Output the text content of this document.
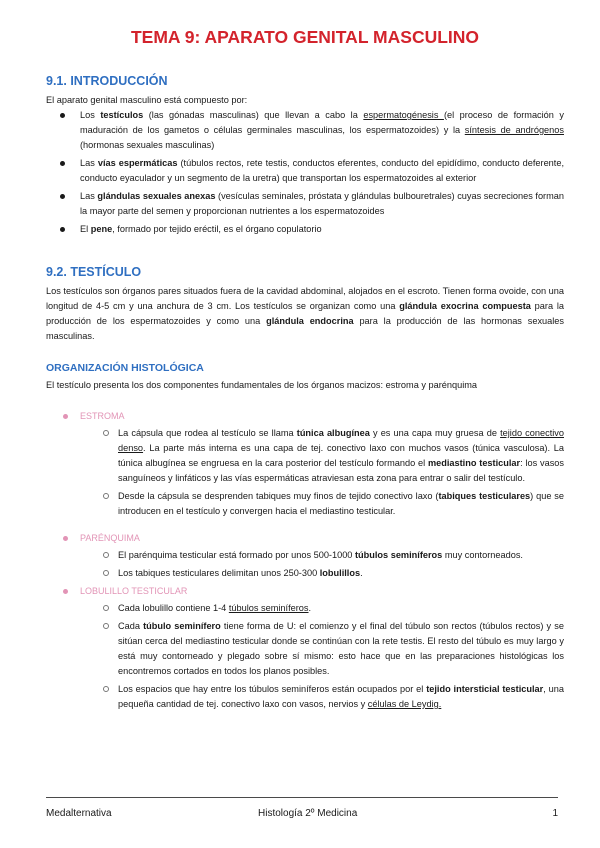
TEMA 9: APARATO GENITAL MASCULINO
9.1. INTRODUCCIÓN

El aparato genital masculino está compuesto por:

Los testículos (las gónadas masculinas) que llevan a cabo la espermatogénesis (el proceso de formación y maduración de los gametos o células germinales masculinas, los espermatozoides) y la síntesis de andrógenos (hormonas sexuales masculinas)
Las vías espermáticas (túbulos rectos, rete testis, conductos eferentes, conducto del epidídimo, conducto deferente, conducto eyaculador y un segmento de la uretra) que transportan los espermatozoides al exterior
Las glándulas sexuales anexas (vesículas seminales, próstata y glándulas bulbouretrales) cuyas secreciones forman la mayor parte del semen y proporcionan nutrientes a los espermatozoides
El pene, formado por tejido eréctil, es el órgano copulatorio
9.2. TESTÍCULO

Los testículos son órganos pares situados fuera de la cavidad abdominal, alojados en el escroto. Tienen forma ovoide, con una longitud de 4-5 cm y una anchura de 3 cm. Los testículos se organizan como una glándula exocrina compuesta para la producción de los espermatozoides y como una glándula endocrina para la producción de las hormonas sexuales masculinas.

ORGANIZACIÓN HISTOLÓGICA

El testículo presenta los dos componentes fundamentales de los órganos macizos: estroma y parénquima

ESTROMA
La cápsula que rodea al testículo se llama túnica albugínea y es una capa muy gruesa de tejido conectivo denso. La parte más interna es una capa de tej. conectivo laxo con muchos vasos (túnica vasculosa). La túnica albugínea se engruesa en la cara posterior del testículo formando el mediastino testicular: los vasos sanguíneos y linfáticos y las vías espermáticas atraviesan esta zona para entrar o salir del testículo.
Desde la cápsula se desprenden tabiques muy finos de tejido conectivo laxo (tabiques testiculares) que se introducen en el testículo y convergen hacia el mediastino testicular.
PARÉNQUIMA
El parénquima testicular está formado por unos 500-1000 túbulos seminíferos muy contorneados.
Los tabiques testiculares delimitan unos 250-300 lobulillos.
LOBULILLO TESTICULAR
Cada lobulillo contiene 1-4 túbulos seminíferos.
Cada túbulo seminífero tiene forma de U: el comienzo y el final del túbulo son rectos (túbulos rectos) y se sitúan cerca del mediastino testicular donde se continúan con la rete testis. El resto del túbulo es muy largo y está muy contorneado y plegado sobre sí mismo: esto hace que en las preparaciones histológicas los encontremos cortados en todos los planos posibles.
Los espacios que hay entre los túbulos seminíferos están ocupados por el tejido intersticial testicular, una pequeña cantidad de tej. conectivo laxo con vasos, nervios y células de Leydig.
Medalternativa	Histología 2º Medicina	1
